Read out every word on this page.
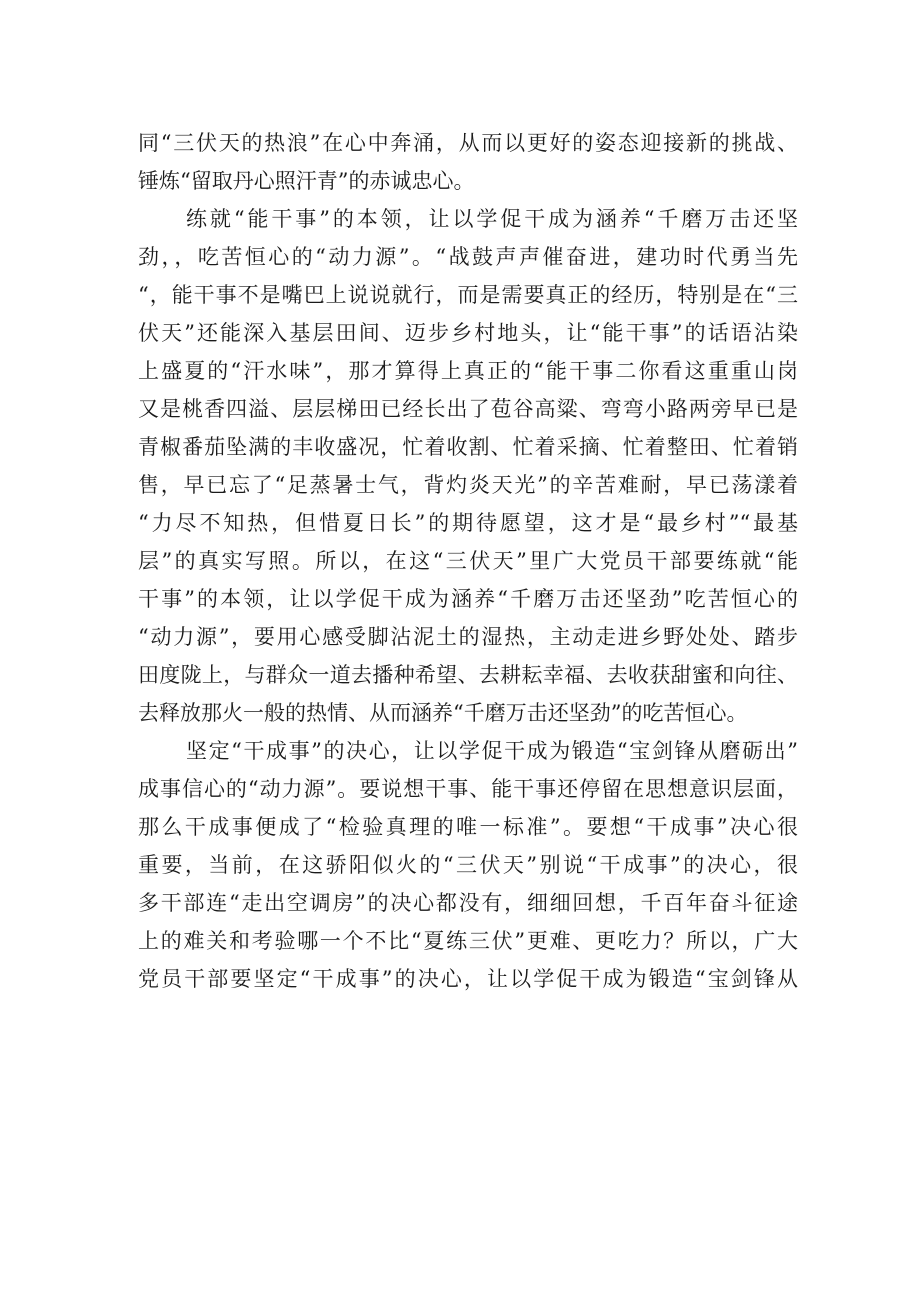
同“三伏天的热浪”在心中奔涌，从而以更好的姿态迎接新的挑战、
锤炼“留取丹心照汗青”的赤诚忠心。
练就“能干事”的本领，让以学促干成为涵养“千磨万击还坚
劲，，吃苦恒心的“动力源”。“战鼓声声催奋进，建功时代勇当先
“，能干事不是嘴巴上说说就行，而是需要真正的经历，特别是在“三
伏天”还能深入基层田间、迈步乡村地头，让“能干事”的话语沾染
上盛夏的“汗水味”，那才算得上真正的“能干事二你看这重重山岗
又是桃香四溢、层层梯田已经长出了苞谷高粱、弯弯小路两旁早已是
青椒番茄坠满的丰收盛况，忙着收割、忙着采摘、忙着整田、忙着销
售，早已忘了“足蒸暑士气，背灼炎天光”的辛苦难耐，早已荡漾着
“力尽不知热，但惜夏日长”的期待愿望，这才是“最乡村”“最基
层”的真实写照。所以，在这“三伏天”里广大党员干部要练就“能
干事”的本领，让以学促干成为涵养“千磨万击还坚劲”吃苦恒心的
“动力源”，要用心感受脚沾泥土的湿热，主动走进乡野处处、踏步
田度陇上，与群众一道去播种希望、去耕耘幸福、去收获甜蜜和向往、
去释放那火一般的热情、从而涵养“千磨万击还坚劲”的吃苦恒心。
坚定“干成事”的决心，让以学促干成为锻造“宝剑锋从磨砺出”
成事信心的“动力源”。要说想干事、能干事还停留在思想意识层面，
那么干成事便成了“检验真理的唯一标准”。要想“干成事”决心很
重要，当前，在这骄阳似火的“三伏天”别说“干成事”的决心，很
多干部连“走出空调房”的决心都没有，细细回想，千百年奋斗征途
上的难关和考验哪一个不比“夏练三伏”更难、更吃力？所以，广大
党员干部要坚定“干成事”的决心，让以学促干成为锻造“宝剑锋从
